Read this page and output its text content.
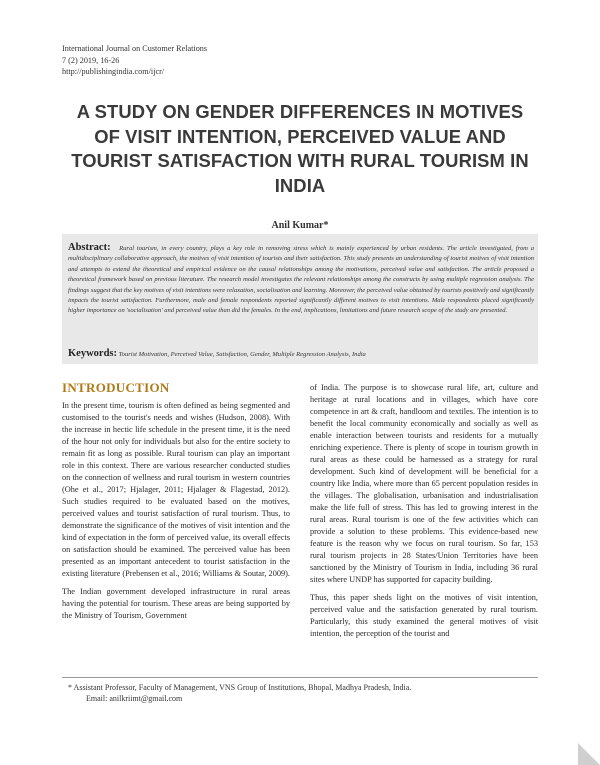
International Journal on Customer Relations
7 (2) 2019, 16-26
http://publishingindia.com/ijcr/
A STUDY ON GENDER DIFFERENCES IN MOTIVES OF VISIT INTENTION, PERCEIVED VALUE AND TOURIST SATISFACTION WITH RURAL TOURISM IN INDIA
Anil Kumar*
Abstract: Rural tourism, in every country, plays a key role in removing stress which is mainly experienced by urban residents. The article investigated, from a multidisciplinary collaborative approach, the motives of visit intention of tourists and their satisfaction. This study presents an understanding of tourist motives of visit intention and attempts to extend the theoretical and empirical evidence on the causal relationships among the motivations, perceived value and satisfaction. The article proposed a theoretical framework based on previous literature. The research model investigates the relevant relationships among the constructs by using multiple regression analysis. The findings suggest that the key motives of visit intentions were relaxation, socialisation and learning. Moreover, the perceived value obtained by tourists positively and significantly impacts the tourist satisfaction. Furthermore, male and female respondents reported significantly different motives to visit intentions. Male respondents placed significantly higher importance on 'socialisation' and perceived value than did the females. In the end, implications, limitations and future research scope of the study are presented.
Keywords: Tourist Motivation, Perceived Value, Satisfaction, Gender, Multiple Regression Analysis, India
INTRODUCTION

In the present time, tourism is often defined as being segmented and customised to the tourist's needs and wishes (Hudson, 2008). With the increase in hectic life schedule in the present time, it is the need of the hour not only for individuals but also for the entire society to remain fit as long as possible. Rural tourism can play an important role in this context. There are various researcher conducted studies on the connection of wellness and rural tourism in western countries (Ohe et al., 2017; Hjalager, 2011; Hjalager & Flagestad, 2012). Such studies required to be evaluated based on the motives, perceived values and tourist satisfaction of rural tourism. Thus, to demonstrate the significance of the motives of visit intention and the kind of expectation in the form of perceived value, its overall effects on satisfaction should be examined. The perceived value has been presented as an important antecedent to tourist satisfaction in the existing literature (Prebensen et al., 2016; Williams & Soutar, 2009).

The Indian government developed infrastructure in rural areas having the potential for tourism. These areas are being supported by the Ministry of Tourism, Government

of India. The purpose is to showcase rural life, art, culture and heritage at rural locations and in villages, which have core competence in art & craft, handloom and textiles. The intention is to benefit the local community economically and socially as well as enable interaction between tourists and residents for a mutually enriching experience. There is plenty of scope in tourism growth in rural areas as these could be harnessed as a strategy for rural development. Such kind of development will be beneficial for a country like India, where more than 65 percent population resides in the villages. The globalisation, urbanisation and industrialisation make the life full of stress. This has led to growing interest in the rural areas. Rural tourism is one of the few activities which can provide a solution to these problems. This evidence-based new feature is the reason why we focus on rural tourism. So far, 153 rural tourism projects in 28 States/Union Territories have been sanctioned by the Ministry of Tourism in India, including 36 rural sites where UNDP has supported for capacity building.

Thus, this paper sheds light on the motives of visit intention, perceived value and the satisfaction generated by rural tourism. Particularly, this study examined the general motives of visit intention, the perception of the tourist and

* Assistant Professor, Faculty of Management, VNS Group of Institutions, Bhopal, Madhya Pradesh, India.
Email: anilkriimt@gmail.com
